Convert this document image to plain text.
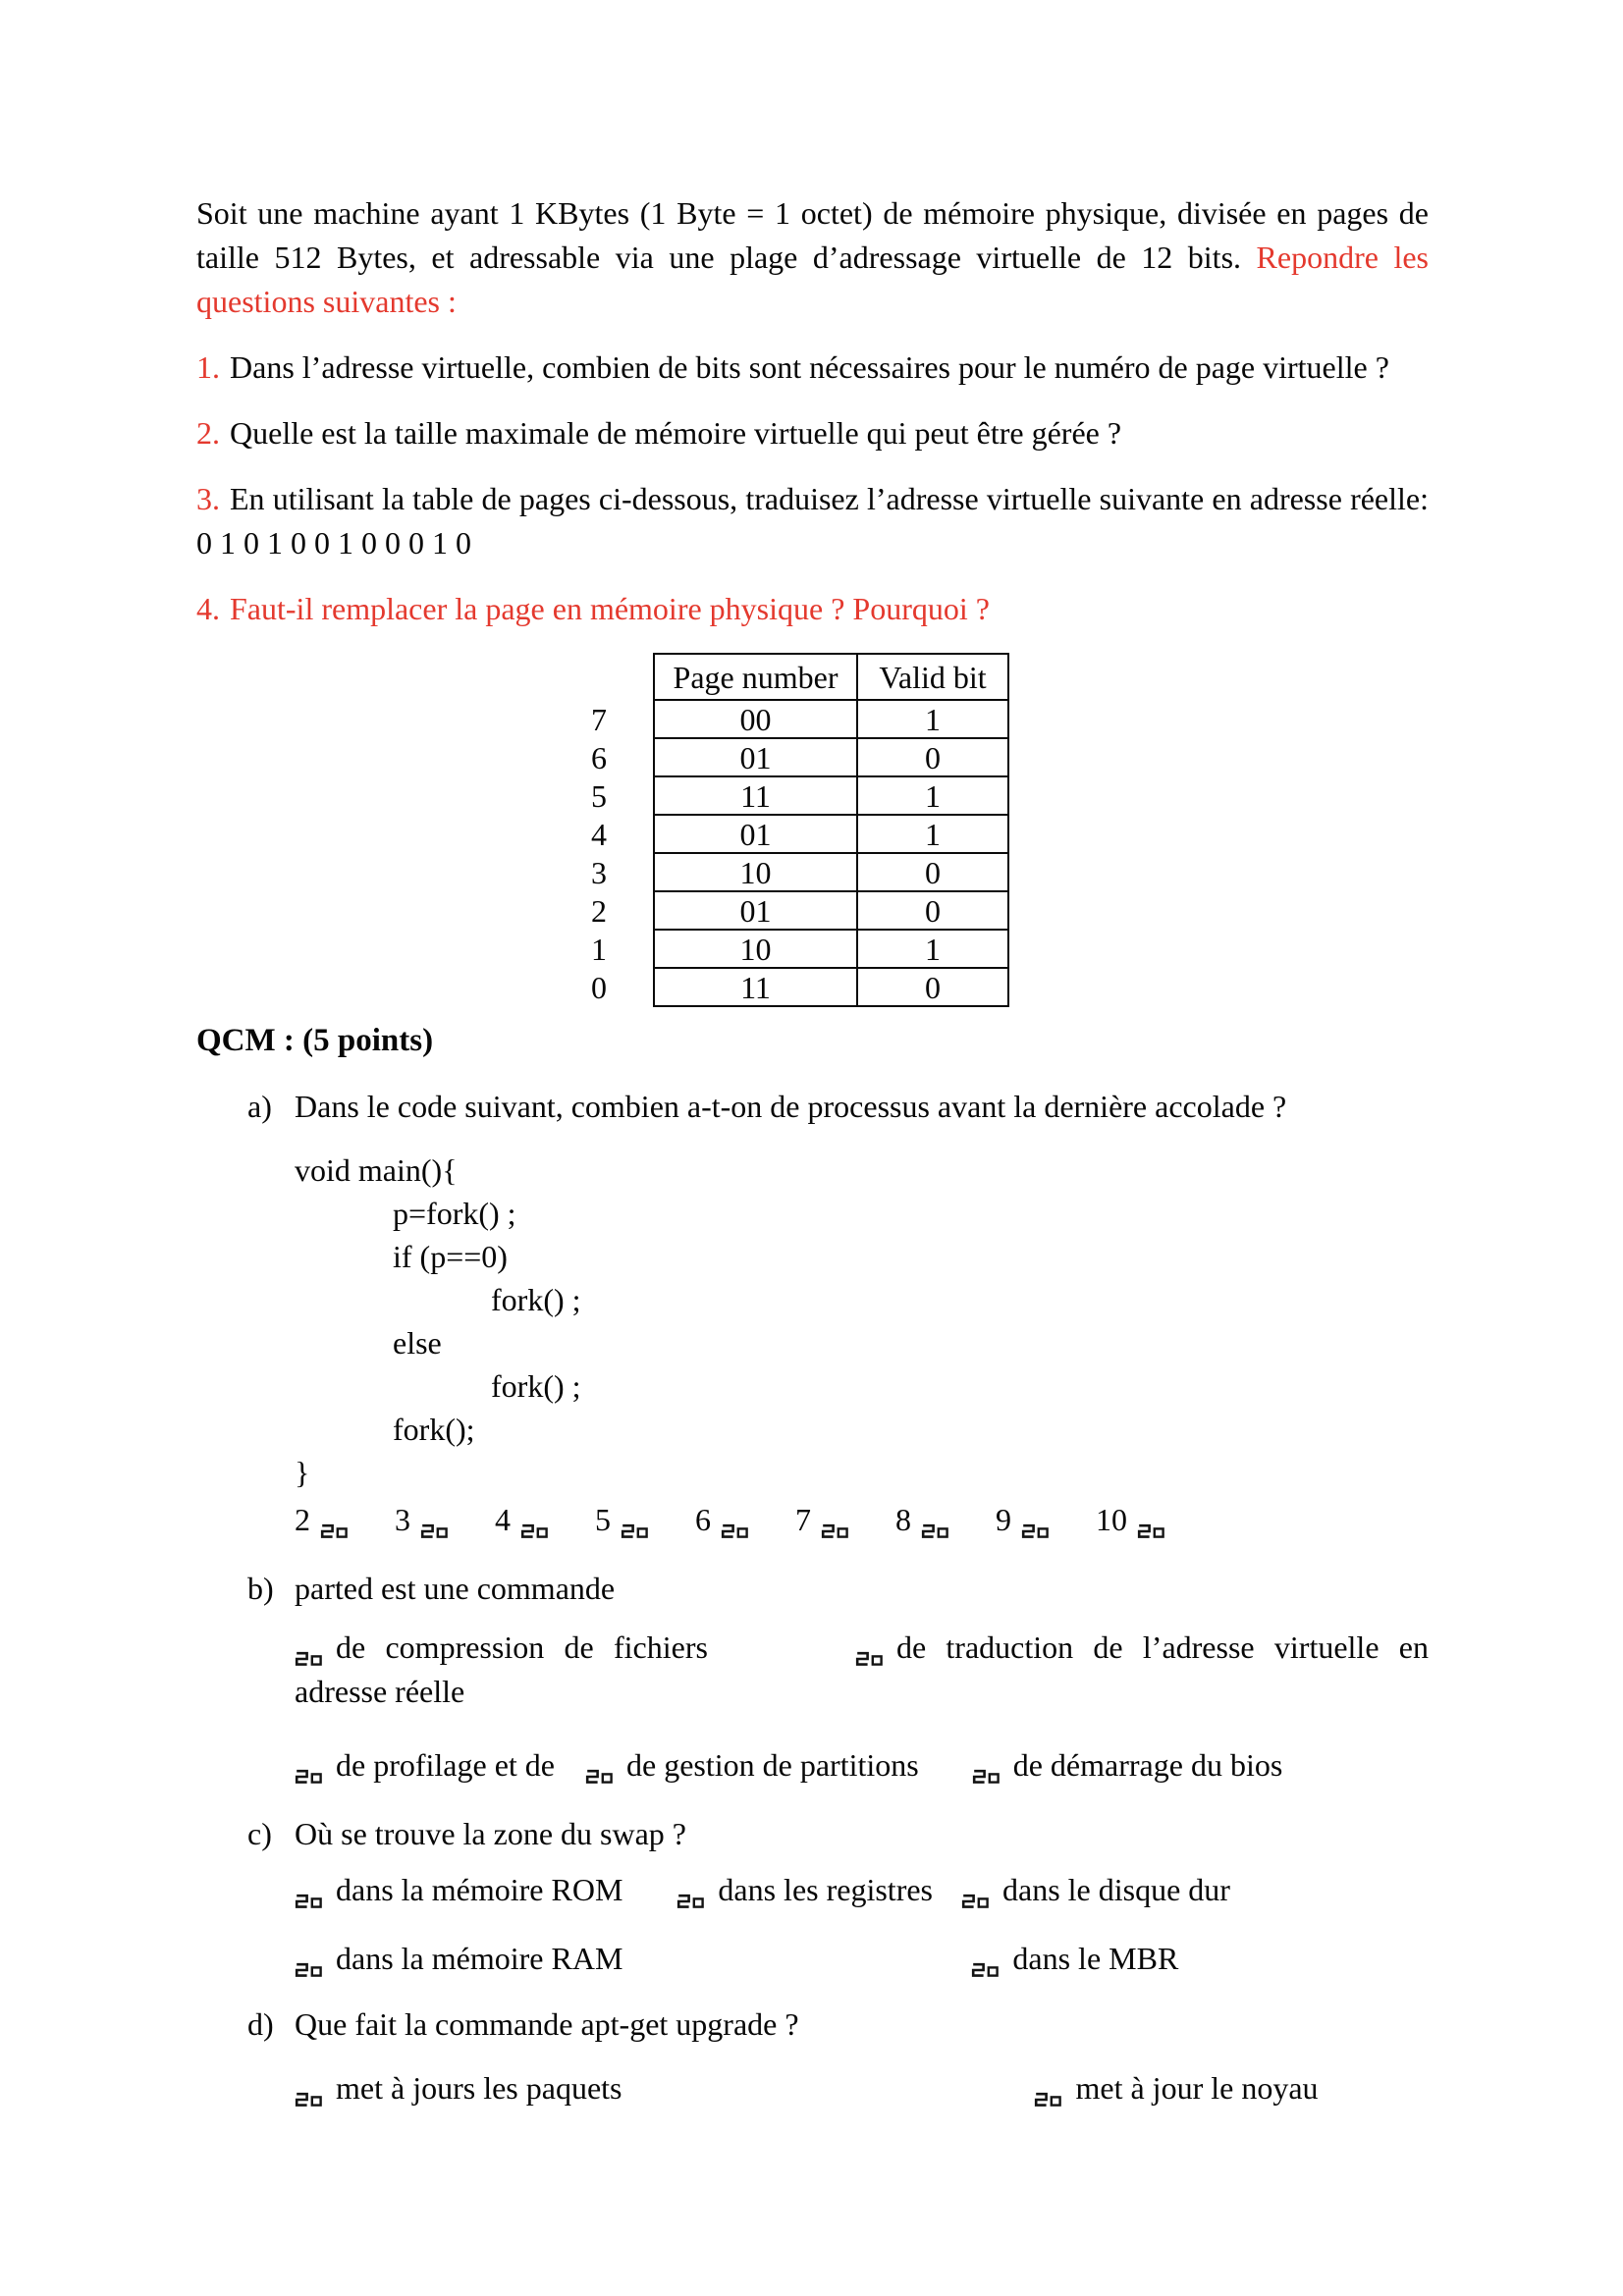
Soit une machine ayant 1 KBytes (1 Byte = 1 octet) de mémoire physique, divisée en pages de taille 512 Bytes, et adressable via une plage d’adressage virtuelle de 12 bits. Repondre les questions suivantes :

1. Dans l’adresse virtuelle, combien de bits sont nécessaires pour le numéro de page virtuelle ?

2. Quelle est la taille maximale de mémoire virtuelle qui peut être gérée ?

3. En utilisant la table de pages ci-dessous, traduisez l’adresse virtuelle suivante en adresse réelle: 0 1 0 1 0 0 1 0 0 0 1 0

4. Faut-il remplacer la page en mémoire physique ? Pourquoi ?

	Page number	Valid bit
7	00	1
6	01	0
5	11	1
4	01	1
3	10	0
2	01	0
1	10	1
0	11	0

QCM : (5 points)

a) Dans le code suivant, combien a-t-on de processus avant la dernière accolade ?

void main(){
p=fork() ;
if (p==0)
fork() ;
else
fork() ;
fork();
}
2	3	4	5	6	7	8	9	10

b) parted est une commande

de compression de fichiers	de traduction de l’adresse virtuelle en adresse réelle

de profilage et de de gestion de partitions	de démarrage du bios

c) Où se trouve la zone du swap ?

dans la mémoire ROM	dans les registres dans le disque dur

dans la mémoire RAM	dans le MBR

d) Que fait la commande apt-get upgrade ?

met à jours les paquets	met à jour le noyau
